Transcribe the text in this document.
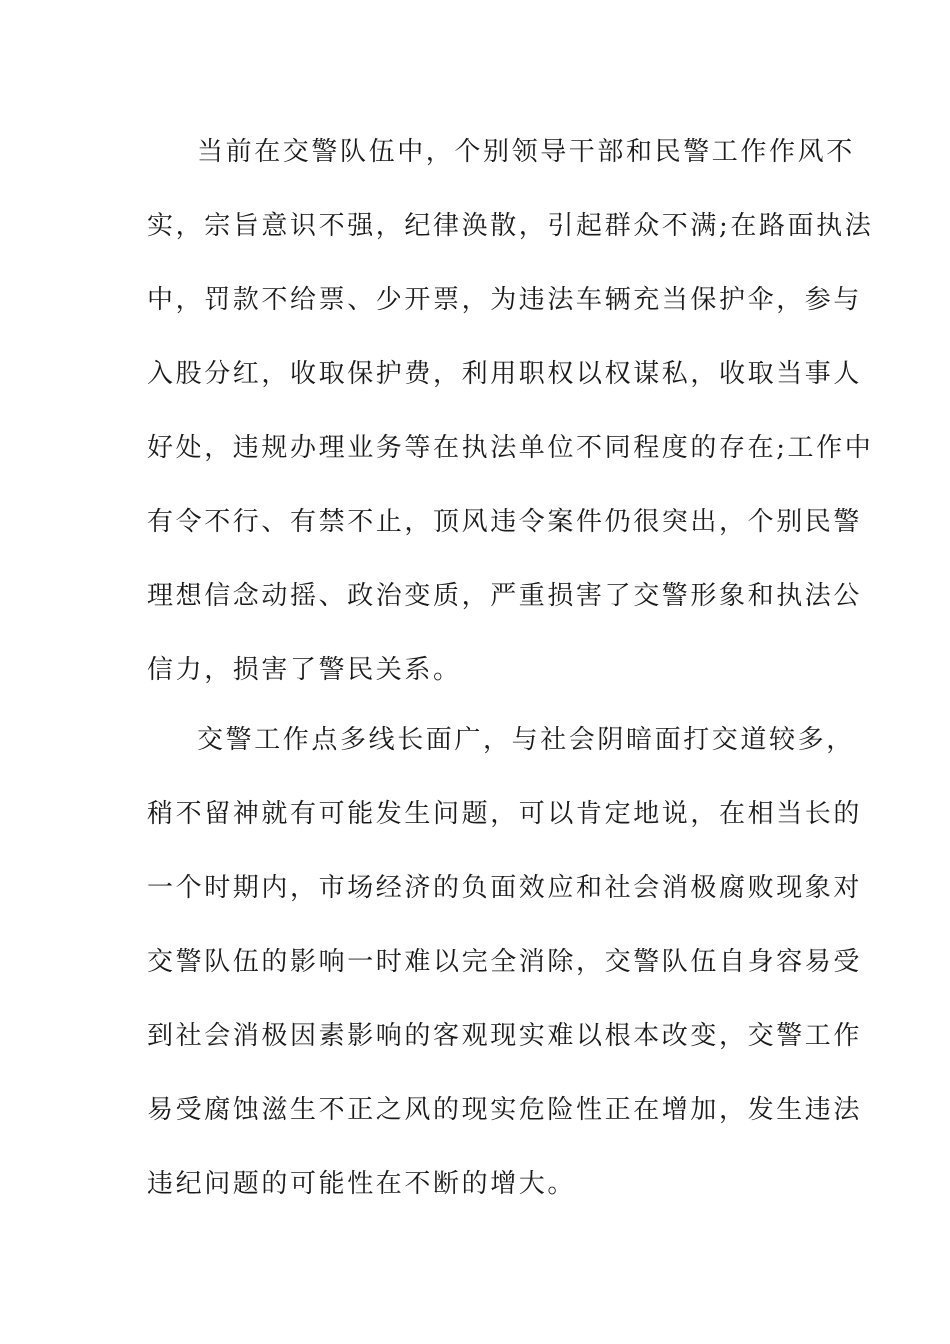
当前在交警队伍中，个别领导干部和民警工作作风不
实，宗旨意识不强，纪律涣散，引起群众不满;在路面执法
中，罚款不给票、少开票，为违法车辆充当保护伞，参与
入股分红，收取保护费，利用职权以权谋私，收取当事人
好处，违规办理业务等在执法单位不同程度的存在;工作中
有令不行、有禁不止，顶风违令案件仍很突出，个别民警
理想信念动摇、政治变质，严重损害了交警形象和执法公
信力，损害了警民关系。
交警工作点多线长面广，与社会阴暗面打交道较多，
稍不留神就有可能发生问题，可以肯定地说，在相当长的
一个时期内，市场经济的负面效应和社会消极腐败现象对
交警队伍的影响一时难以完全消除，交警队伍自身容易受
到社会消极因素影响的客观现实难以根本改变，交警工作
易受腐蚀滋生不正之风的现实危险性正在增加，发生违法
违纪问题的可能性在不断的增大。
